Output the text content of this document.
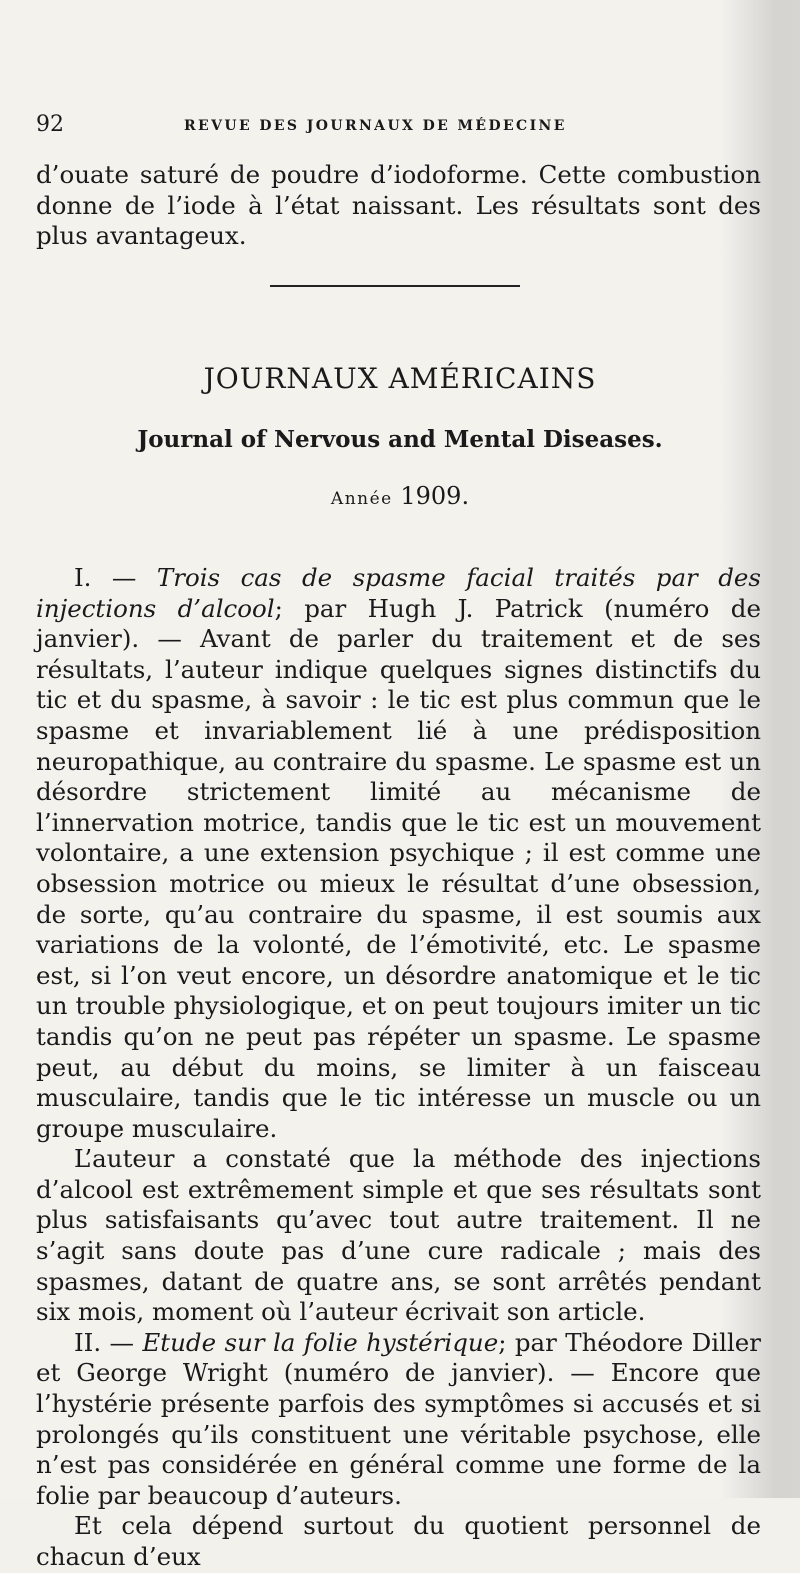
92	REVUE DES JOURNAUX DE MÉDECINE

d’ouate saturé de poudre d’iodoforme. Cette combustion donne de l’iode à l’état naissant. Les résultats sont des plus avantageux.

JOURNAUX AMÉRICAINS
Journal of Nervous and Mental Diseases.
Année 1909.

I. — Trois cas de spasme facial traités par des injections d’alcool; par Hugh J. Patrick (numéro de janvier). — Avant de parler du traitement et de ses résultats, l’auteur indique quelques signes distinctifs du tic et du spasme, à savoir : le tic est plus commun que le spasme et invariablement lié à une prédisposition neuropathique, au contraire du spasme. Le spasme est un désordre strictement limité au mécanisme de l’innervation motrice, tandis que le tic est un mouvement volontaire, a une extension psychique ; il est comme une obsession motrice ou mieux le résultat d’une obsession, de sorte, qu’au contraire du spasme, il est soumis aux variations de la volonté, de l’émotivité, etc. Le spasme est, si l’on veut encore, un désordre anatomique et le tic un trouble physiologique, et on peut toujours imiter un tic tandis qu’on ne peut pas répéter un spasme. Le spasme peut, au début du moins, se limiter à un faisceau musculaire, tandis que le tic intéresse un muscle ou un groupe musculaire.

L’auteur a constaté que la méthode des injections d’alcool est extrêmement simple et que ses résultats sont plus satisfaisants qu’avec tout autre traitement. Il ne s’agit sans doute pas d’une cure radicale ; mais des spasmes, datant de quatre ans, se sont arrêtés pendant six mois, moment où l’auteur écrivait son article.

II. — Etude sur la folie hystérique; par Théodore Diller et George Wright (numéro de janvier). — Encore que l’hystérie présente parfois des symptômes si accusés et si prolongés qu’ils constituent une véritable psychose, elle n’est pas considérée en général comme une forme de la folie par beaucoup d’auteurs.

Et cela dépend surtout du quotient personnel de chacun d’eux
